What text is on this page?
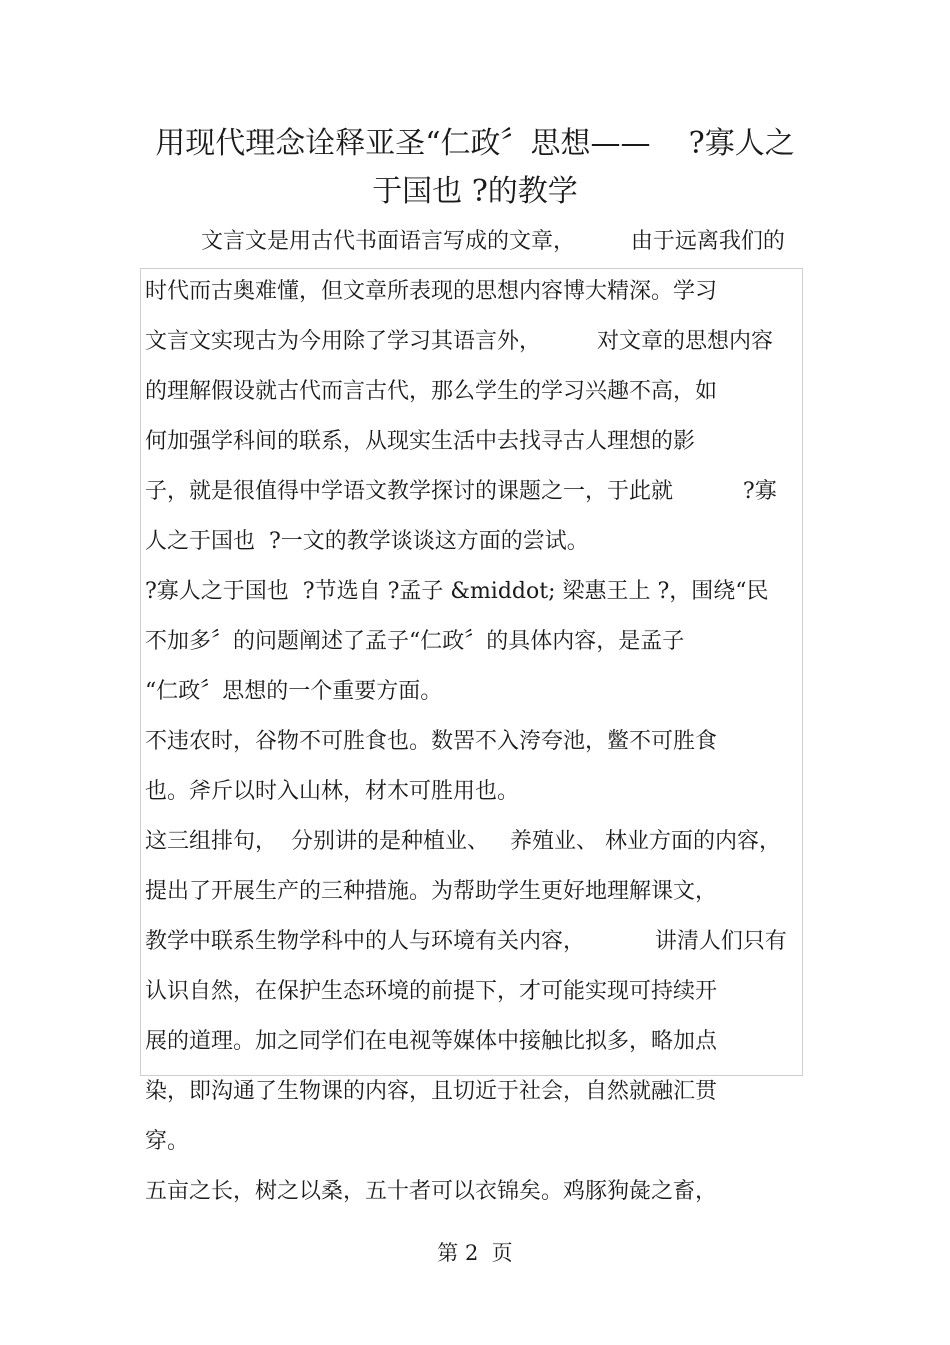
用现代理念诠释亚圣“仁政〞思想——    ?寡人之
于国也 ?的教学
文言文是用古代书面语言写成的文章，        由于远离我们的
时代而古奥难懂，但文章所表现的思想内容博大精深。学习
文言文实现古为今用除了学习其语言外，        对文章的思想内容
的理解假设就古代而言古代，那么学生的学习兴趣不高，如
何加强学科间的联系，从现实生活中去找寻古人理想的影
子，就是很值得中学语文教学探讨的课题之一，于此就          ?寡
人之于国也  ?一文的教学谈谈这方面的尝试。
?寡人之于国也  ?节选自 ?孟子 &middot; 梁惠王上 ?，围绕“民
不加多〞的问题阐述了孟子“仁政〞的具体内容，是孟子
“仁政〞思想的一个重要方面。
不违农时，谷物不可胜食也。数罟不入洿夸池，鳖不可胜食
也。斧斤以时入山林，材木可胜用也。
这三组排句，  分别讲的是种植业、   养殖业、 林业方面的内容，
提出了开展生产的三种措施。为帮助学生更好地理解课文，
教学中联系生物学科中的人与环境有关内容，          讲清人们只有
认识自然，在保护生态环境的前提下，才可能实现可持续开
展的道理。加之同学们在电视等媒体中接触比拟多，略加点
染，即沟通了生物课的内容，且切近于社会，自然就融汇贯
穿。
五亩之长，树之以桑，五十者可以衣锦矣。鸡豚狗彘之畜，
第 2  页
